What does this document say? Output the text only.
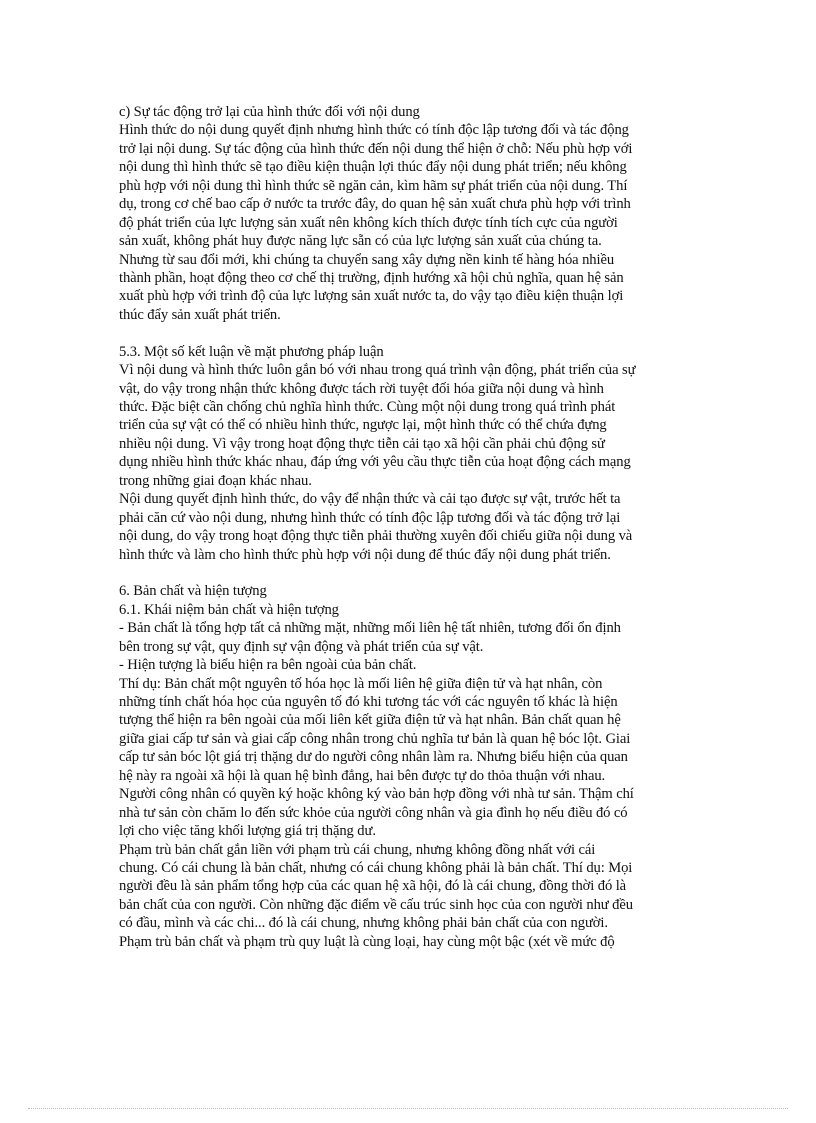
c) Sự tác động trở lại của hình thức đối với nội dung
Hình thức do nội dung quyết định nhưng hình thức có tính độc lập tương đối và tác động
trở lại nội dung. Sự tác động của hình thức đến nội dung thể hiện ở chỗ: Nếu phù hợp với
nội dung thì hình thức sẽ tạo điều kiện thuận lợi thúc đẩy nội dung phát triển; nếu không
phù hợp với nội dung thì hình thức sẽ ngăn cản, kìm hãm sự phát triển của nội dung. Thí
dụ, trong cơ chế bao cấp ở nước ta trước đây, do quan hệ sản xuất chưa phù hợp với trình
độ phát triển của lực lượng sản xuất nên không kích thích được tính tích cực của người
sản xuất, không phát huy được năng lực sẵn có của lực lượng sản xuất của chúng ta.
Nhưng từ sau đổi mới, khi chúng ta chuyển sang xây dựng nền kinh tế hàng hóa nhiều
thành phần, hoạt động theo cơ chế thị trường, định hướng xã hội chủ nghĩa, quan hệ sản
xuất phù hợp với trình độ của lực lượng sản xuất nước ta, do vậy tạo điều kiện thuận lợi
thúc đẩy sản xuất phát triển.
5.3. Một số kết luận về mặt phương pháp luận
Vì nội dung và hình thức luôn gắn bó với nhau trong quá trình vận động, phát triển của sự
vật, do vậy trong nhận thức không được tách rời tuyệt đối hóa giữa nội dung và hình
thức. Đặc biệt cần chống chủ nghĩa hình thức. Cùng một nội dung trong quá trình phát
triển của sự vật có thể có nhiều hình thức, ngược lại, một hình thức có thể chứa đựng
nhiều nội dung. Vì vậy trong hoạt động thực tiễn cải tạo xã hội cần phải chủ động sử
dụng nhiều hình thức khác nhau, đáp ứng với yêu cầu thực tiễn của hoạt động cách mạng
trong những giai đoạn khác nhau.
Nội dung quyết định hình thức, do vậy để nhận thức và cải tạo được sự vật, trước hết ta
phải căn cứ vào nội dung, nhưng hình thức có tính độc lập tương đối và tác động trở lại
nội dung, do vậy trong hoạt động thực tiễn phải thường xuyên đối chiếu giữa nội dung và
hình thức và làm cho hình thức phù hợp với nội dung để thúc đẩy nội dung phát triển.
6. Bản chất và hiện tượng
6.1. Khái niệm bản chất và hiện tượng
- Bản chất là tổng hợp tất cả những mặt, những mối liên hệ tất nhiên, tương đối ổn định
bên trong sự vật, quy định sự vận động và phát triển của sự vật.
- Hiện tượng là biểu hiện ra bên ngoài của bản chất.
Thí dụ: Bản chất một nguyên tố hóa học là mối liên hệ giữa điện tử và hạt nhân, còn
những tính chất hóa học của nguyên tố đó khi tương tác với các nguyên tố khác là hiện
tượng thể hiện ra bên ngoài của mối liên kết giữa điện tử và hạt nhân. Bản chất quan hệ
giữa giai cấp tư sản và giai cấp công nhân trong chủ nghĩa tư bản là quan hệ bóc lột. Giai
cấp tư sản bóc lột giá trị thặng dư do người công nhân làm ra. Nhưng biểu hiện của quan
hệ này ra ngoài xã hội là quan hệ bình đẳng, hai bên được tự do thỏa thuận với nhau.
Người công nhân có quyền ký hoặc không ký vào bản hợp đồng với nhà tư sản. Thậm chí
nhà tư sản còn chăm lo đến sức khỏe của người công nhân và gia đình họ nếu điều đó có
lợi cho việc tăng khối lượng giá trị thặng dư.
Phạm trù bản chất gắn liền với phạm trù cái chung, nhưng không đồng nhất với cái
chung. Có cái chung là bản chất, nhưng có cái chung không phải là bản chất. Thí dụ: Mọi
người đều là sản phẩm tổng hợp của các quan hệ xã hội, đó là cái chung, đồng thời đó là
bản chất của con người. Còn những đặc điểm về cấu trúc sinh học của con người như đều
có đầu, mình và các chi... đó là cái chung, nhưng không phải bản chất của con người.
Phạm trù bản chất và phạm trù quy luật là cùng loại, hay cùng một bậc (xét về mức độ
